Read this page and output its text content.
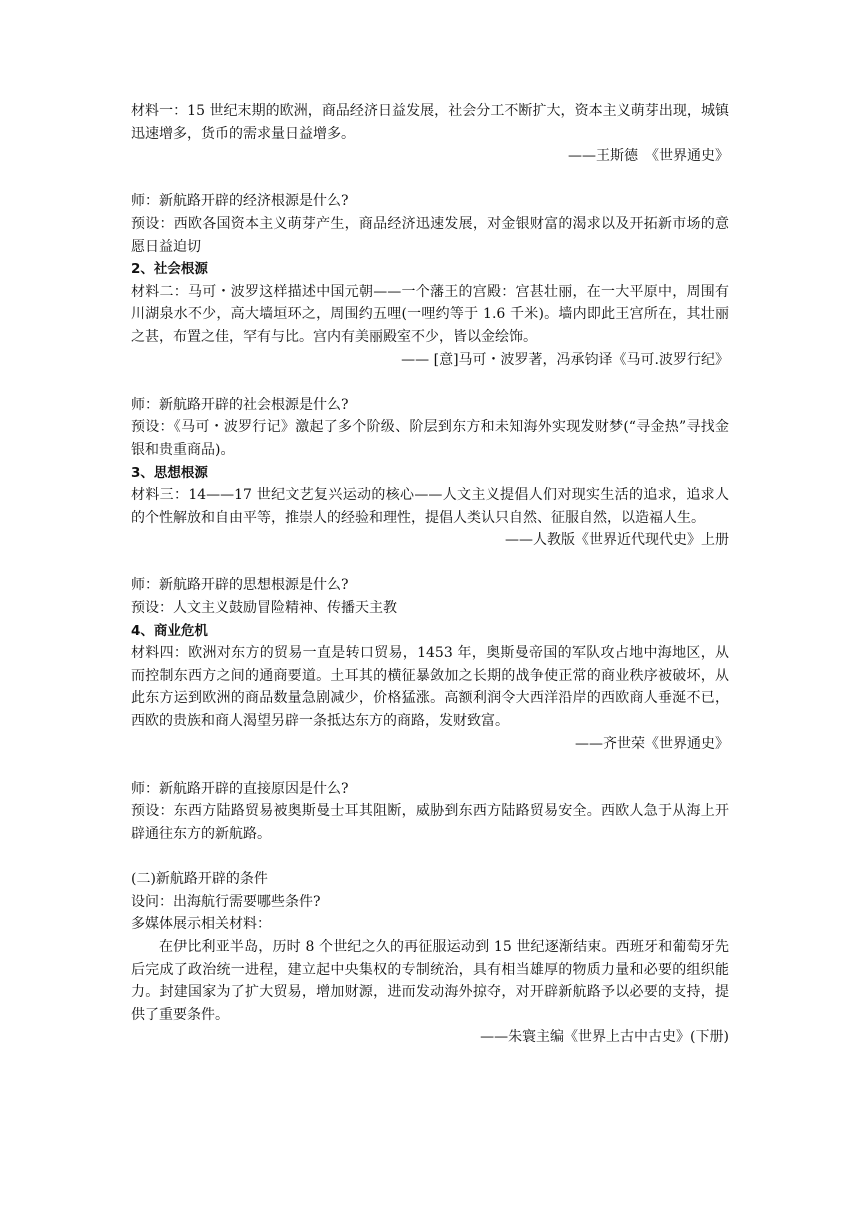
材料一：15 世纪末期的欧洲，商品经济日益发展，社会分工不断扩大，资本主义萌芽出现，城镇迅速增多，货币的需求量日益增多。

——王斯德　《世界通史》

师：新航路开辟的经济根源是什么?

预设：西欧各国资本主义萌芽产生，商品经济迅速发展，对金银财富的渴求以及开拓新市场的意愿日益迫切

2、社会根源

材料二：马可・波罗这样描述中国元朝——一个藩王的宫殿：宫甚壮丽，在一大平原中，周围有川湖泉水不少，高大墙垣环之，周围约五哩(一哩约等于 1.6 千米)。墙内即此王宫所在，其壮丽之甚，布置之佳，罕有与比。宫内有美丽殿室不少，皆以金绘饰。

—— [意]马可・波罗著，冯承钧译《马可.波罗行纪》

师：新航路开辟的社会根源是什么?

预设：《马可・波罗行记》激起了多个阶级、阶层到东方和未知海外实现发财梦(“寻金热”寻找金银和贵重商品)。

3、思想根源

材料三：14——17 世纪文艺复兴运动的核心——人文主义提倡人们对现实生活的追求，追求人的个性解放和自由平等，推崇人的经验和理性，提倡人类认只自然、征服自然，以造福人生。

——人教版《世界近代现代史》上册

师：新航路开辟的思想根源是什么?

预设：人文主义鼓励冒险精神、传播天主教

4、商业危机

材料四：欧洲对东方的贸易一直是转口贸易，1453 年，奥斯曼帝国的军队攻占地中海地区，从而控制东西方之间的通商要道。土耳其的横征暴敛加之长期的战争使正常的商业秩序被破坏，从此东方运到欧洲的商品数量急剧减少，价格猛涨。高额利润令大西洋沿岸的西欧商人垂涎不已，西欧的贵族和商人渴望另辟一条抵达东方的商路，发财致富。

——齐世荣《世界通史》

师：新航路开辟的直接原因是什么?

预设：东西方陆路贸易被奥斯曼士耳其阻断，威胁到东西方陆路贸易安全。西欧人急于从海上开辟通往东方的新航路。

(二)新航路开辟的条件

设问：出海航行需要哪些条件?

多媒体展示相关材料：

在伊比利亚半岛，历时 8 个世纪之久的再征服运动到 15 世纪逐渐结束。西班牙和葡萄牙先后完成了政治统一进程，建立起中央集权的专制统治，具有相当雄厚的物质力量和必要的组织能力。封建国家为了扩大贸易，增加财源，进而发动海外掠夺，对开辟新航路予以必要的支持，提供了重要条件。

——朱寰主编《世界上古中古史》(下册)
